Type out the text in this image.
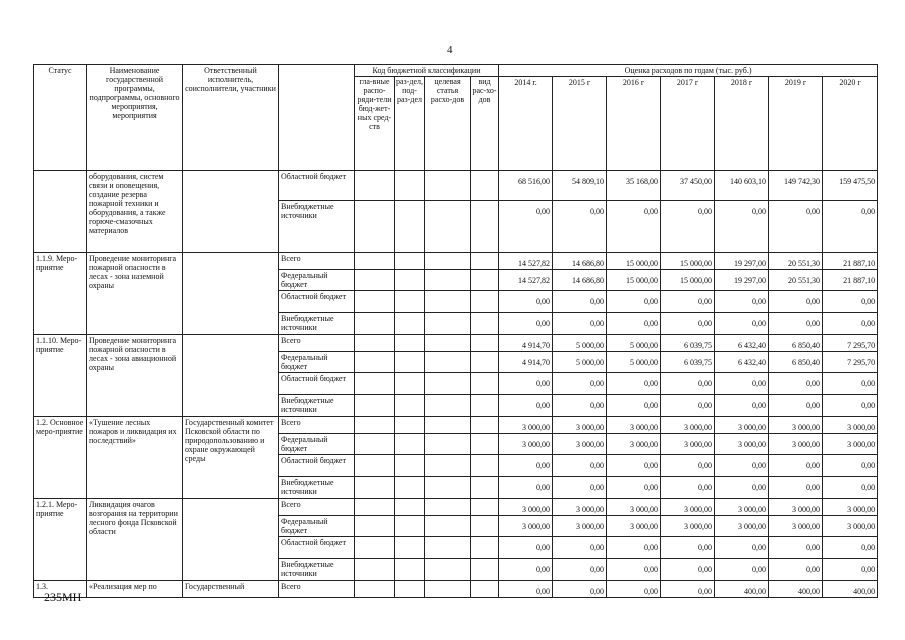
4
Статус	Наименование государственной программы, подпрограммы, основного мероприятия, мероприятия	Ответственный исполнитель, соисполнители, участники		Код бюджетной классификации				Оценка расходов по годам (тыс. руб.)						
				гла-вные распо-ряди-тели бюд-жет-ных сред-ств	раз-дел, под-раз-дел	целевая статья расхо-дов	вид рас-хо-дов	2014 г.	2015 г	2016 г	2017 г	2018 г	2019 г	2020 г
	оборудования, систем связи и оповещения, создание резерва пожарной техники и оборудования, а также горюче-смазочных материалов		Областной бюджет					68 516,00	54 809,10	35 168,00	37 450,00	140 603,10	149 742,30	159 475,50
			Внебюджетные источники					0,00	0,00	0,00	0,00	0,00	0,00	0,00
1.1.9. Меро-приятие	Проведение мониторинга пожарной опасности в лесах - зона наземной охраны		Всего					14 527,82	14 686,80	15 000,00	15 000,00	19 297,00	20 551,30	21 887,10
			Федеральный бюджет					14 527,82	14 686,80	15 000,00	15 000,00	19 297,00	20 551,30	21 887,10
			Областной бюджет					0,00	0,00	0,00	0,00	0,00	0,00	0,00
			Внебюджетные источники					0,00	0,00	0,00	0,00	0,00	0,00	0,00
1.1.10. Меро-приятие	Проведение мониторинга пожарной опасности в лесах - зона авиационной охраны		Всего					4 914,70	5 000,00	5 000,00	6 039,75	6 432,40	6 850,40	7 295,70
			Федеральный бюджет					4 914,70	5 000,00	5 000,00	6 039,75	6 432,40	6 850,40	7 295,70
			Областной бюджет					0,00	0,00	0,00	0,00	0,00	0,00	0,00
			Внебюджетные источники					0,00	0,00	0,00	0,00	0,00	0,00	0,00
1.2. Основное меро-приятие	«Тушение лесных пожаров и ликвидация их последствий»	Государственный комитет Псковской области по природопользованию и охране окружающей среды	Всего					3 000,00	3 000,00	3 000,00	3 000,00	3 000,00	3 000,00	3 000,00
			Федеральный бюджет					3 000,00	3 000,00	3 000,00	3 000,00	3 000,00	3 000,00	3 000,00
			Областной бюджет					0,00	0,00	0,00	0,00	0,00	0,00	0,00
			Внебюджетные источники					0,00	0,00	0,00	0,00	0,00	0,00	0,00
1.2.1. Меро-приятие	Ликвидация очагов возгорания на территории лесного фонда Псковской области		Всего					3 000,00	3 000,00	3 000,00	3 000,00	3 000,00	3 000,00	3 000,00
			Федеральный бюджет					3 000,00	3 000,00	3 000,00	3 000,00	3 000,00	3 000,00	3 000,00
			Областной бюджет					0,00	0,00	0,00	0,00	0,00	0,00	0,00
			Внебюджетные источники					0,00	0,00	0,00	0,00	0,00	0,00	0,00
1.3.	«Реализация мер по	Государственный	Всего					0,00	0,00	0,00	0,00	400,00	400,00	400,00
235МН
